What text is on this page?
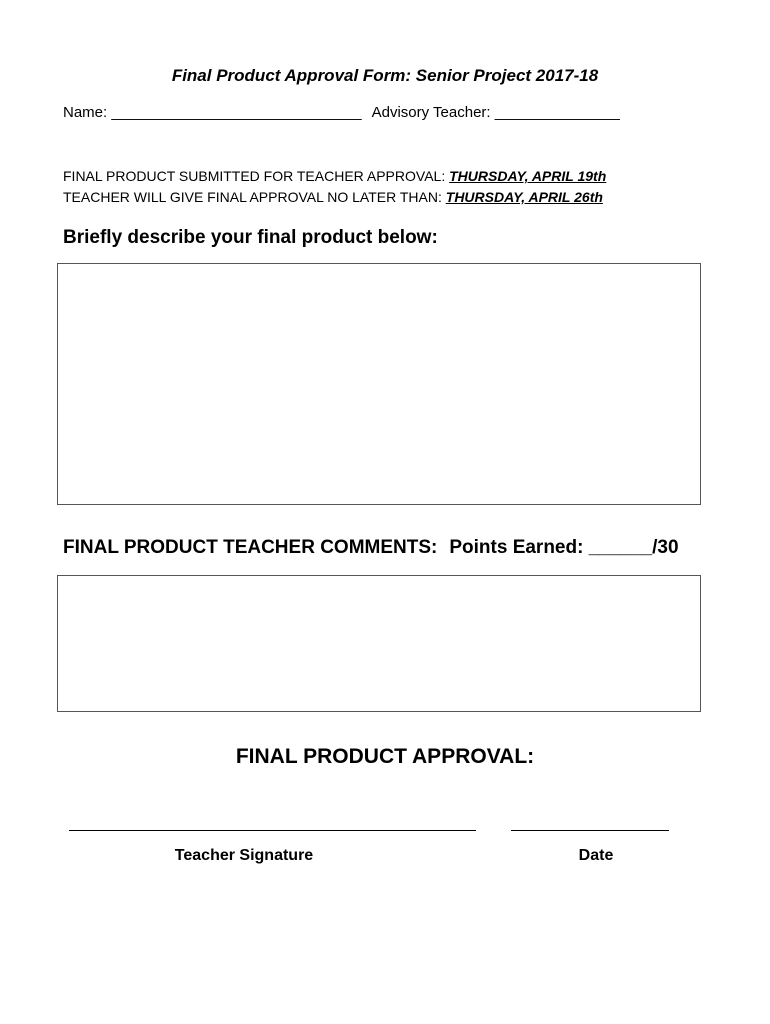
Final Product Approval Form: Senior Project 2017-18
Name: ______________________________ Advisory Teacher: _______________
FINAL PRODUCT SUBMITTED FOR TEACHER APPROVAL: THURSDAY, APRIL 19th
TEACHER WILL GIVE FINAL APPROVAL NO LATER THAN: THURSDAY, APRIL 26th
Briefly describe your final product below:
FINAL PRODUCT TEACHER COMMENTS: Points Earned: ______/30
FINAL PRODUCT APPROVAL:
Teacher Signature	Date
